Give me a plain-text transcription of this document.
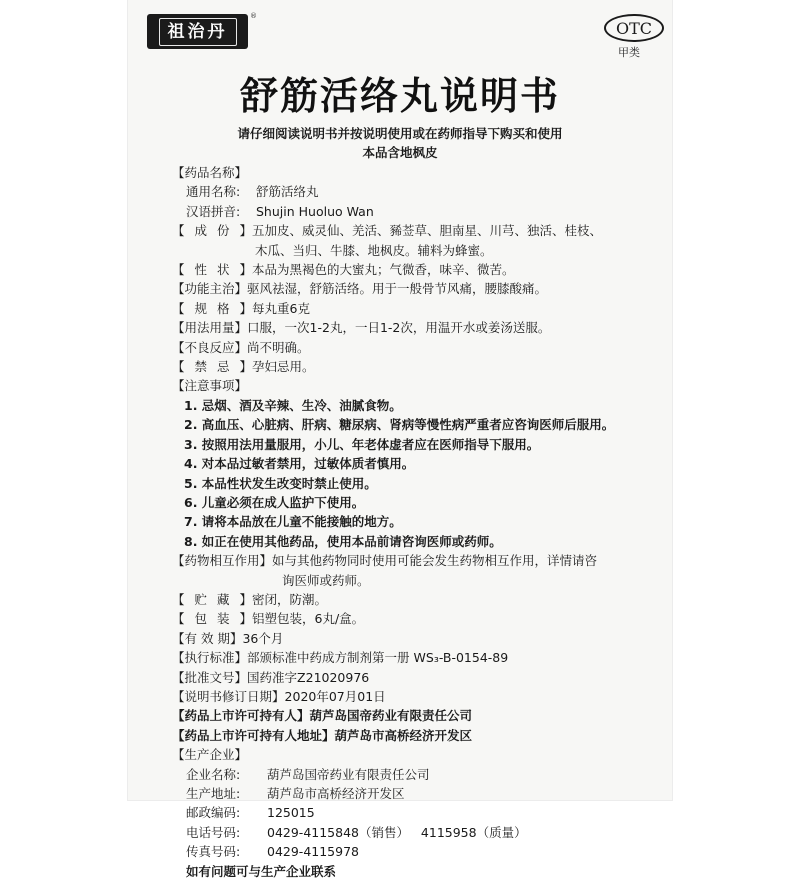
祖治丹
®
OTC
甲类
舒筋活络丸说明书
请仔细阅读说明书并按说明使用或在药师指导下购买和使用
本品含地枫皮
【 药品名称 】
通用名称:	舒筋活络丸
汉语拼音:	Shujin Huoluo Wan
【 成 份 】 五加皮、威灵仙、羌活、豨莶草、胆南星、川芎、独活、桂枝、
木瓜、当归、牛膝、地枫皮。辅料为蜂蜜。
【 性 状 】 本品为黑褐色的大蜜丸；气微香，味辛、微苦。
【 功能主治 】	驱风祛湿，舒筋活络。用于一般骨节风痛，腰膝酸痛。
【 规 格 】 每丸重6克
【 用法用量 】	口服，一次1-2丸，一日1-2次，用温开水或姜汤送服。
【 不良反应 】	尚不明确。
【 禁 忌 】 孕妇忌用。
【 注意事项 】
1. 忌烟、酒及辛辣、生冷、油腻食物。
2. 高血压、心脏病、肝病、糖尿病、肾病等慢性病严重者应咨询医师后服用。
3. 按照用法用量服用，小儿、年老体虚者应在医师指导下服用。
4. 对本品过敏者禁用，过敏体质者慎用。
5. 本品性状发生改变时禁止使用。
6. 儿童必须在成人监护下使用。
7. 请将本品放在儿童不能接触的地方。
8. 如正在使用其他药品，使用本品前请咨询医师或药师。
【 药物相互作用 】	如与其他药物同时使用可能会发生药物相互作用，详情请咨
询医师或药师。
【 贮 藏 】 密闭，防潮。
【 包 装 】 铝塑包装，6丸/盒。
【 有 效 期 】	36个月
【 执行标准 】	部颁标准中药成方制剂第一册 WS₃-B-0154-89
【 批准文号 】	国药准字Z21020976
【 说明书修订日期 】	2020年07月01日
【 药品上市许可持有人 】	葫芦岛国帝药业有限责任公司
【 药品上市许可持有人地址 】	葫芦岛市高桥经济开发区
【 生产企业 】
企业名称:	葫芦岛国帝药业有限责任公司
生产地址:	葫芦岛市高桥经济开发区
邮政编码:	125015
电话号码:	0429-4115848（销售）   4115958（质量）
传真号码:	0429-4115978
如有问题可与生产企业联系
